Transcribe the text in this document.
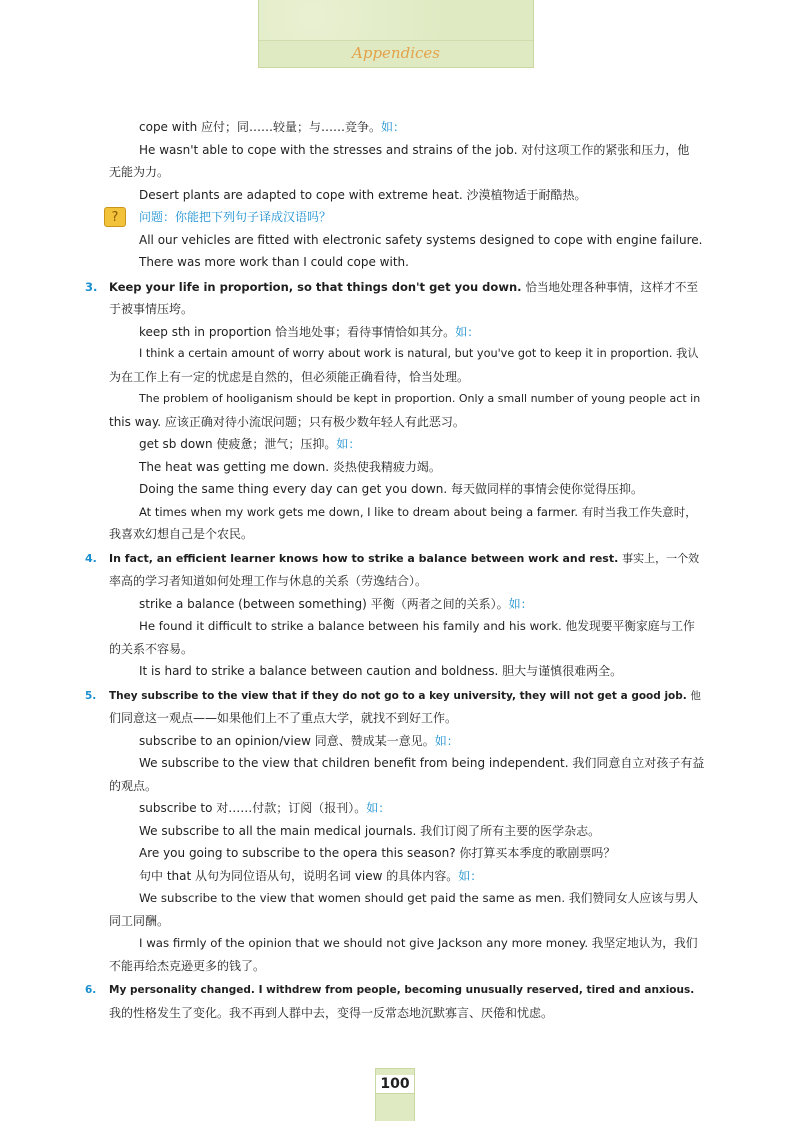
Appendices
cope with 应付；同……较量；与……竞争。如：
He wasn't able to cope with the stresses and strains of the job. 对付这项工作的紧张和压力，他
无能为力。
Desert plants are adapted to cope with extreme heat. 沙漠植物适于耐酷热。
?	问题：你能把下列句子译成汉语吗？
All our vehicles are fitted with electronic safety systems designed to cope with engine failure.
There was more work than I could cope with.
3. Keep your life in proportion, so that things don't get you down. 恰当地处理各种事情，这样才不至
于被事情压垮。
keep sth in proportion 恰当地处事；看待事情恰如其分。如：
I think a certain amount of worry about work is natural, but you've got to keep it in proportion. 我认
为在工作上有一定的忧虑是自然的，但必须能正确看待，恰当处理。
The problem of hooliganism should be kept in proportion. Only a small number of young people act in
this way. 应该正确对待小流氓问题；只有极少数年轻人有此恶习。
get sb down 使疲惫；泄气；压抑。如：
The heat was getting me down. 炎热使我精疲力竭。
Doing the same thing every day can get you down. 每天做同样的事情会使你觉得压抑。
At times when my work gets me down, I like to dream about being a farmer. 有时当我工作失意时，
我喜欢幻想自己是个农民。
4. In fact, an efficient learner knows how to strike a balance between work and rest. 事实上，一个效
率高的学习者知道如何处理工作与休息的关系（劳逸结合）。
strike a balance (between something) 平衡（两者之间的关系）。如：
He found it difficult to strike a balance between his family and his work. 他发现要平衡家庭与工作
的关系不容易。
It is hard to strike a balance between caution and boldness. 胆大与谨慎很难两全。
5. They subscribe to the view that if they do not go to a key university, they will not get a good job. 他
们同意这一观点——如果他们上不了重点大学，就找不到好工作。
subscribe to an opinion/view 同意、赞成某一意见。如：
We subscribe to the view that children benefit from being independent. 我们同意自立对孩子有益
的观点。
subscribe to 对……付款；订阅（报刊）。如：
We subscribe to all the main medical journals. 我们订阅了所有主要的医学杂志。
Are you going to subscribe to the opera this season? 你打算买本季度的歌剧票吗？
句中 that 从句为同位语从句，说明名词 view 的具体内容。如：
We subscribe to the view that women should get paid the same as men. 我们赞同女人应该与男人
同工同酬。
I was firmly of the opinion that we should not give Jackson any more money. 我坚定地认为，我们
不能再给杰克逊更多的钱了。
6. My personality changed. I withdrew from people, becoming unusually reserved, tired and anxious.
我的性格发生了变化。我不再到人群中去，变得一反常态地沉默寡言、厌倦和忧虑。
100
